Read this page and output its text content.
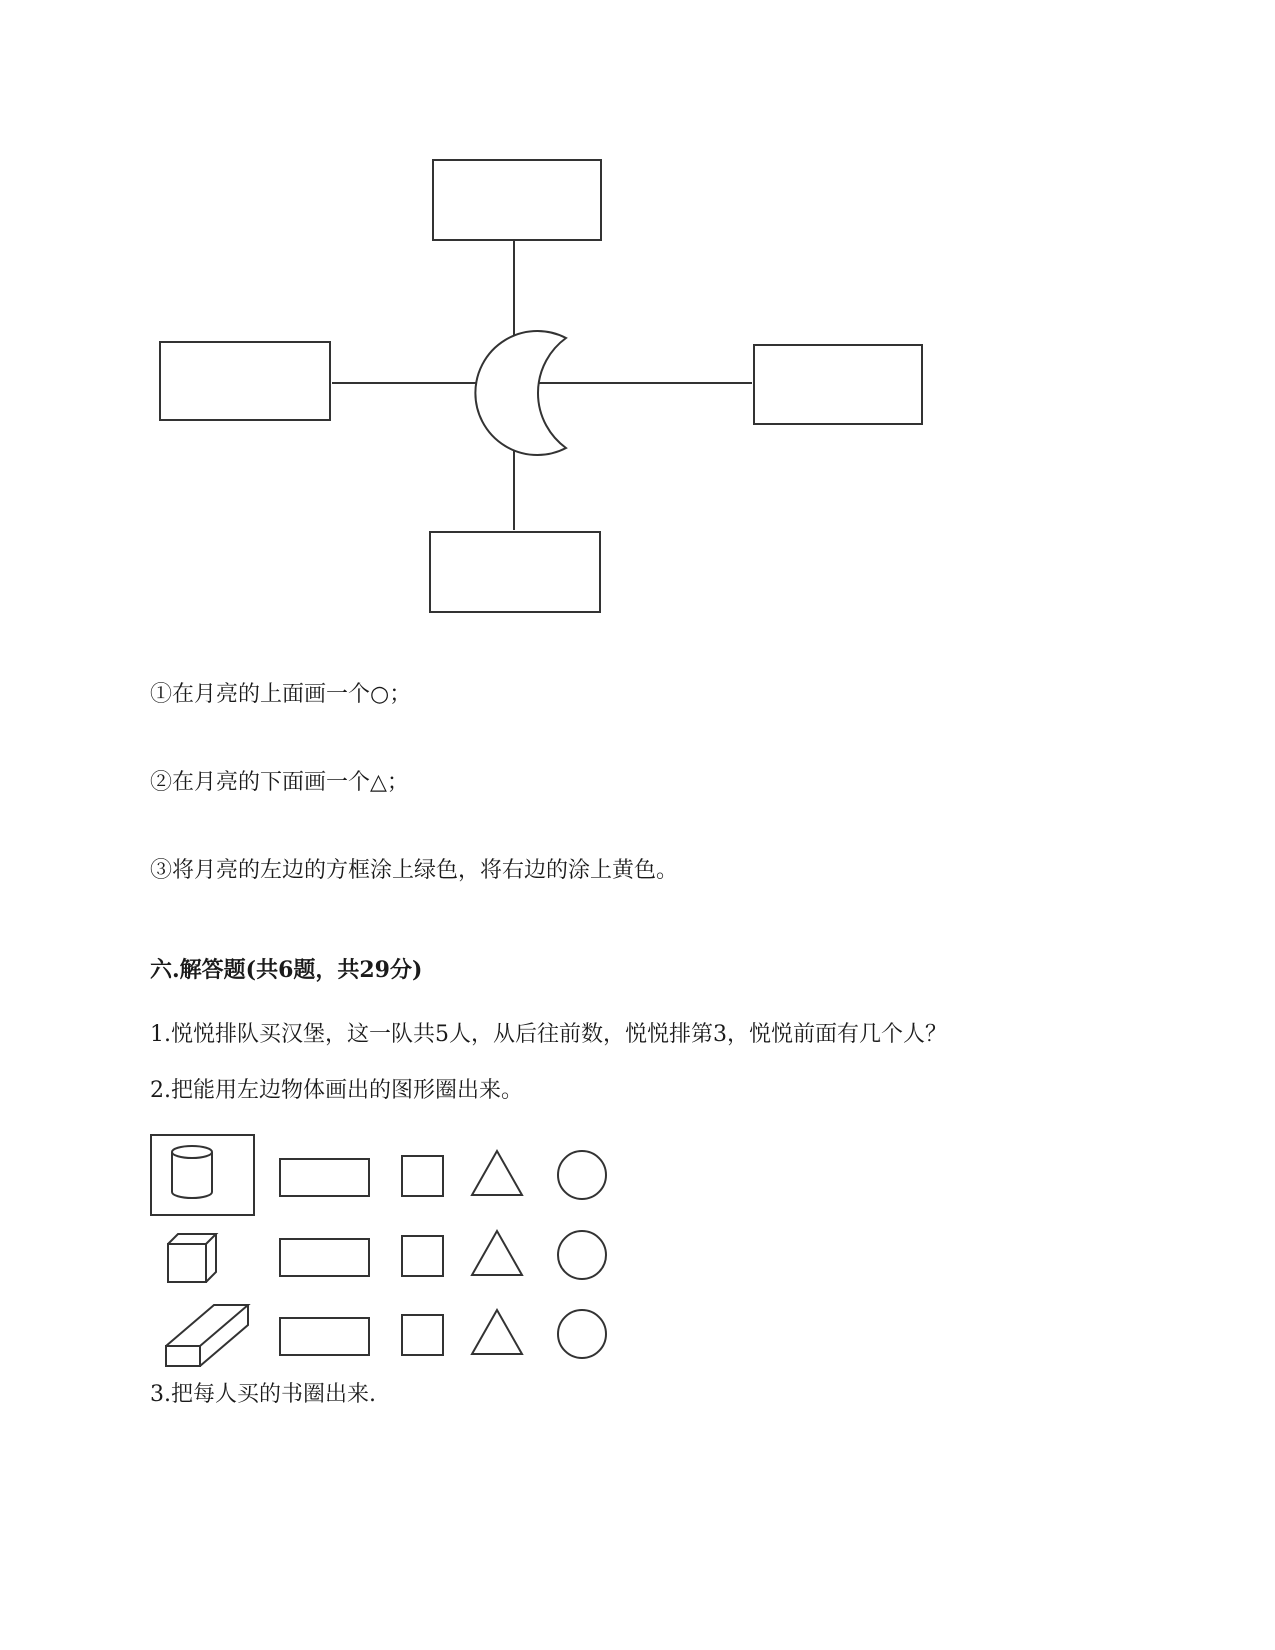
①在月亮的上面画一个○；

②在月亮的下面画一个△；

③将月亮的左边的方框涂上绿色，将右边的涂上黄色。

六.解答题(共6题，共29分)

1.悦悦排队买汉堡，这一队共5人，从后往前数，悦悦排第3，悦悦前面有几个人？

2.把能用左边物体画出的图形圈出来。

3.把每人买的书圈出来.
